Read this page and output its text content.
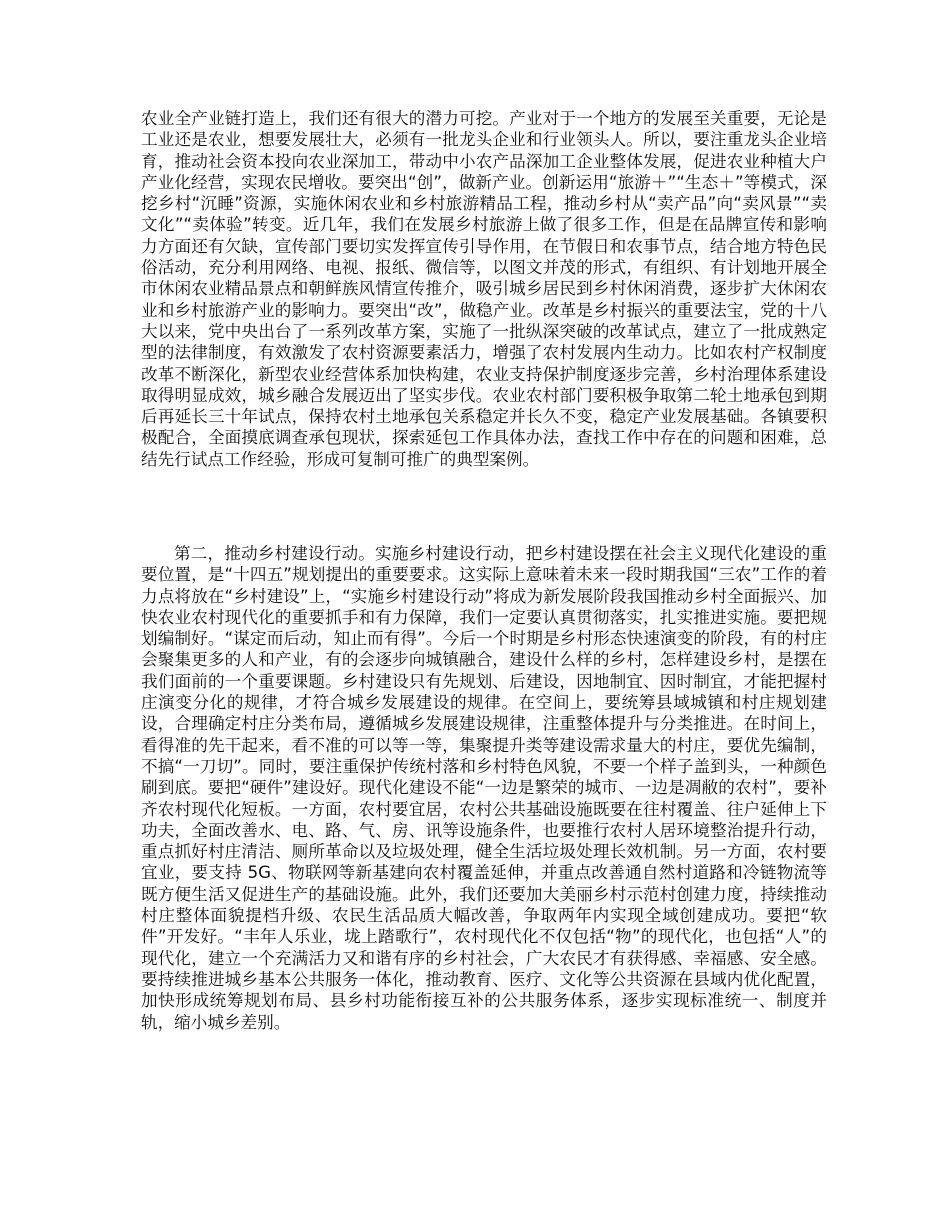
农业全产业链打造上，我们还有很大的潜力可挖。产业对于一个地方的发展至关重要，无论是工业还是农业，想要发展壮大，必须有一批龙头企业和行业领头人。所以，要注重龙头企业培育，推动社会资本投向农业深加工，带动中小农产品深加工企业整体发展，促进农业种植大户产业化经营，实现农民增收。要突出“创”，做新产业。创新运用“旅游＋”“生态＋”等模式，深挖乡村“沉睡”资源，实施休闲农业和乡村旅游精品工程，推动乡村从“卖产品”向“卖风景”“卖文化”“卖体验”转变。近几年，我们在发展乡村旅游上做了很多工作，但是在品牌宣传和影响力方面还有欠缺，宣传部门要切实发挥宣传引导作用，在节假日和农事节点，结合地方特色民俗活动，充分利用网络、电视、报纸、微信等，以图文并茂的形式，有组织、有计划地开展全市休闲农业精品景点和朝鲜族风情宣传推介，吸引城乡居民到乡村休闲消费，逐步扩大休闲农业和乡村旅游产业的影响力。要突出“改”，做稳产业。改革是乡村振兴的重要法宝，党的十八大以来，党中央出台了一系列改革方案，实施了一批纵深突破的改革试点，建立了一批成熟定型的法律制度，有效激发了农村资源要素活力，增强了农村发展内生动力。比如农村产权制度改革不断深化，新型农业经营体系加快构建，农业支持保护制度逐步完善，乡村治理体系建设取得明显成效，城乡融合发展迈出了坚实步伐。农业农村部门要积极争取第二轮土地承包到期后再延长三十年试点，保持农村土地承包关系稳定并长久不变，稳定产业发展基础。各镇要积极配合，全面摸底调查承包现状，探索延包工作具体办法，查找工作中存在的问题和困难，总结先行试点工作经验，形成可复制可推广的典型案例。

第二，推动乡村建设行动。实施乡村建设行动，把乡村建设摆在社会主义现代化建设的重要位置，是“十四五”规划提出的重要要求。这实际上意味着未来一段时期我国“三农”工作的着力点将放在“乡村建设”上，“实施乡村建设行动”将成为新发展阶段我国推动乡村全面振兴、加快农业农村现代化的重要抓手和有力保障，我们一定要认真贯彻落实，扎实推进实施。要把规划编制好。“谋定而后动，知止而有得”。今后一个时期是乡村形态快速演变的阶段，有的村庄会聚集更多的人和产业，有的会逐步向城镇融合，建设什么样的乡村，怎样建设乡村，是摆在我们面前的一个重要课题。乡村建设只有先规划、后建设，因地制宜、因时制宜，才能把握村庄演变分化的规律，才符合城乡发展建设的规律。在空间上，要统筹县域城镇和村庄规划建设，合理确定村庄分类布局，遵循城乡发展建设规律，注重整体提升与分类推进。在时间上，看得准的先干起来，看不准的可以等一等，集聚提升类等建设需求量大的村庄，要优先编制，不搞“一刀切”。同时，要注重保护传统村落和乡村特色风貌，不要一个样子盖到头，一种颜色刷到底。要把“硬件”建设好。现代化建设不能“一边是繁荣的城市、一边是凋敝的农村”，要补齐农村现代化短板。一方面，农村要宜居，农村公共基础设施既要在往村覆盖、往户延伸上下功夫，全面改善水、电、路、气、房、讯等设施条件，也要推行农村人居环境整治提升行动，重点抓好村庄清洁、厕所革命以及垃圾处理，健全生活垃圾处理长效机制。另一方面，农村要宜业，要支持 5G、物联网等新基建向农村覆盖延伸，并重点改善通自然村道路和冷链物流等既方便生活又促进生产的基础设施。此外，我们还要加大美丽乡村示范村创建力度，持续推动村庄整体面貌提档升级、农民生活品质大幅改善，争取两年内实现全域创建成功。要把“软件”开发好。“丰年人乐业，垅上踏歌行”，农村现代化不仅包括“物”的现代化，也包括“人”的现代化，建立一个充满活力又和谐有序的乡村社会，广大农民才有获得感、幸福感、安全感。要持续推进城乡基本公共服务一体化，推动教育、医疗、文化等公共资源在县域内优化配置，加快形成统筹规划布局、县乡村功能衔接互补的公共服务体系，逐步实现标准统一、制度并轨，缩小城乡差别。
